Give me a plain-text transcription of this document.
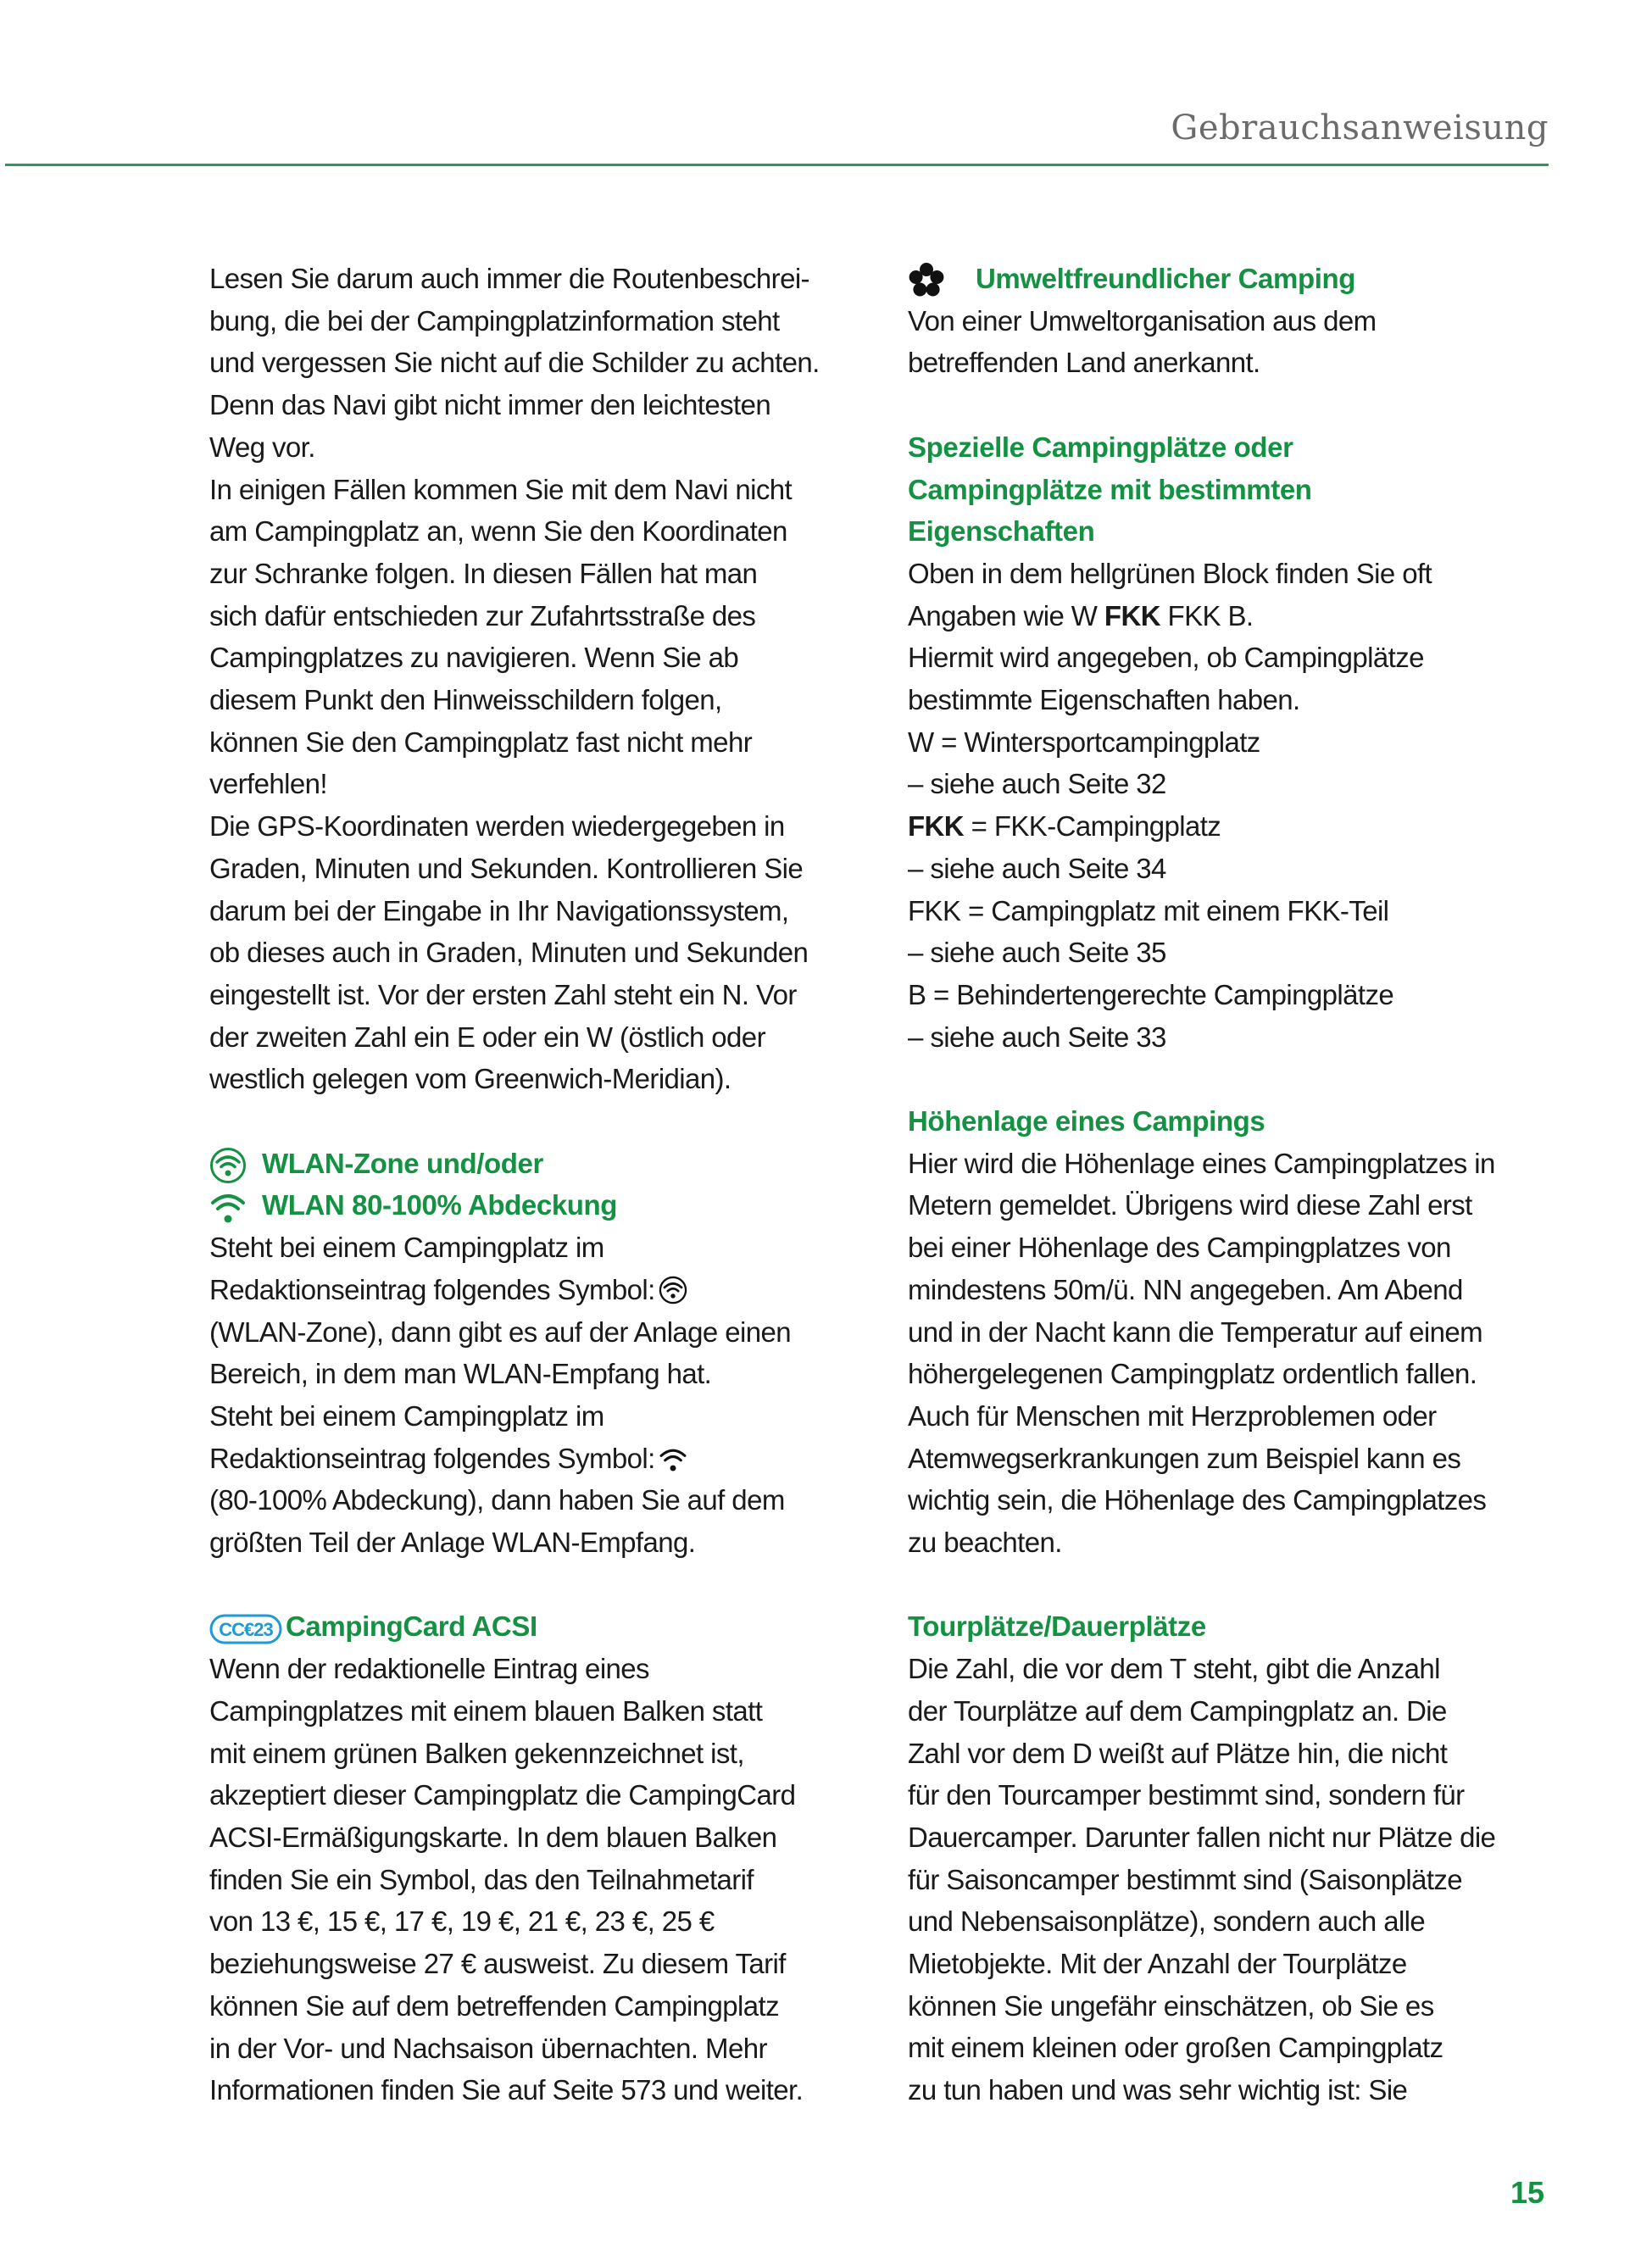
Gebrauchsanweisung
Lesen Sie darum auch immer die Routenbeschrei-
bung, die bei der Campingplatzinformation steht
und vergessen Sie nicht auf die Schilder zu achten.
Denn das Navi gibt nicht immer den leichtesten
Weg vor.
In einigen Fällen kommen Sie mit dem Navi nicht
am Campingplatz an, wenn Sie den Koordinaten
zur Schranke folgen. In diesen Fällen hat man
sich dafür entschieden zur Zufahrtsstraße des
Campingplatzes zu navigieren. Wenn Sie ab
diesem Punkt den Hinweisschildern folgen,
können Sie den Campingplatz fast nicht mehr
verfehlen!
Die GPS-Koordinaten werden wiedergegeben in
Graden, Minuten und Sekunden. Kontrollieren Sie
darum bei der Eingabe in Ihr Navigationssystem,
ob dieses auch in Graden, Minuten und Sekunden
eingestellt ist. Vor der ersten Zahl steht ein N. Vor
der zweiten Zahl ein E oder ein W (östlich oder
westlich gelegen vom Greenwich-Meridian).
WLAN-Zone und/oder
WLAN 80-100% Abdeckung
Steht bei einem Campingplatz im
Redaktionseintrag folgendes Symbol:
(WLAN-Zone), dann gibt es auf der Anlage einen
Bereich, in dem man WLAN-Empfang hat.
Steht bei einem Campingplatz im
Redaktionseintrag folgendes Symbol:
(80-100% Abdeckung), dann haben Sie auf dem
größten Teil der Anlage WLAN-Empfang.
CC€23 CampingCard ACSI
Wenn der redaktionelle Eintrag eines
Campingplatzes mit einem blauen Balken statt
mit einem grünen Balken gekennzeichnet ist,
akzeptiert dieser Campingplatz die CampingCard
ACSI-Ermäßigungskarte. In dem blauen Balken
finden Sie ein Symbol, das den Teilnahmetarif
von 13 €, 15 €, 17 €, 19 €, 21 €, 23 €, 25 €
beziehungsweise 27 € ausweist. Zu diesem Tarif
können Sie auf dem betreffenden Campingplatz
in der Vor- und Nachsaison übernachten. Mehr
Informationen finden Sie auf Seite 573 und weiter.
Umweltfreundlicher Camping
Von einer Umweltorganisation aus dem
betreffenden Land anerkannt.
Spezielle Campingplätze oder
Campingplätze mit bestimmten
Eigenschaften
Oben in dem hellgrünen Block finden Sie oft
Angaben wie W FKK FKK B.
Hiermit wird angegeben, ob Campingplätze
bestimmte Eigenschaften haben.
W = Wintersportcampingplatz
– siehe auch Seite 32
FKK = FKK-Campingplatz
– siehe auch Seite 34
FKK = Campingplatz mit einem FKK-Teil
– siehe auch Seite 35
B = Behindertengerechte Campingplätze
– siehe auch Seite 33
Höhenlage eines Campings
Hier wird die Höhenlage eines Campingplatzes in
Metern gemeldet. Übrigens wird diese Zahl erst
bei einer Höhenlage des Campingplatzes von
mindestens 50m/ü. NN angegeben. Am Abend
und in der Nacht kann die Temperatur auf einem
höhergelegenen Campingplatz ordentlich fallen.
Auch für Menschen mit Herzproblemen oder
Atemwegserkrankungen zum Beispiel kann es
wichtig sein, die Höhenlage des Campingplatzes
zu beachten.
Tourplätze/Dauerplätze
Die Zahl, die vor dem T steht, gibt die Anzahl
der Tourplätze auf dem Campingplatz an. Die
Zahl vor dem D weißt auf Plätze hin, die nicht
für den Tourcamper bestimmt sind, sondern für
Dauercamper. Darunter fallen nicht nur Plätze die
für Saisoncamper bestimmt sind (Saisonplätze
und Nebensaisonplätze), sondern auch alle
Mietobjekte. Mit der Anzahl der Tourplätze
können Sie ungefähr einschätzen, ob Sie es
mit einem kleinen oder großen Campingplatz
zu tun haben und was sehr wichtig ist: Sie
15
